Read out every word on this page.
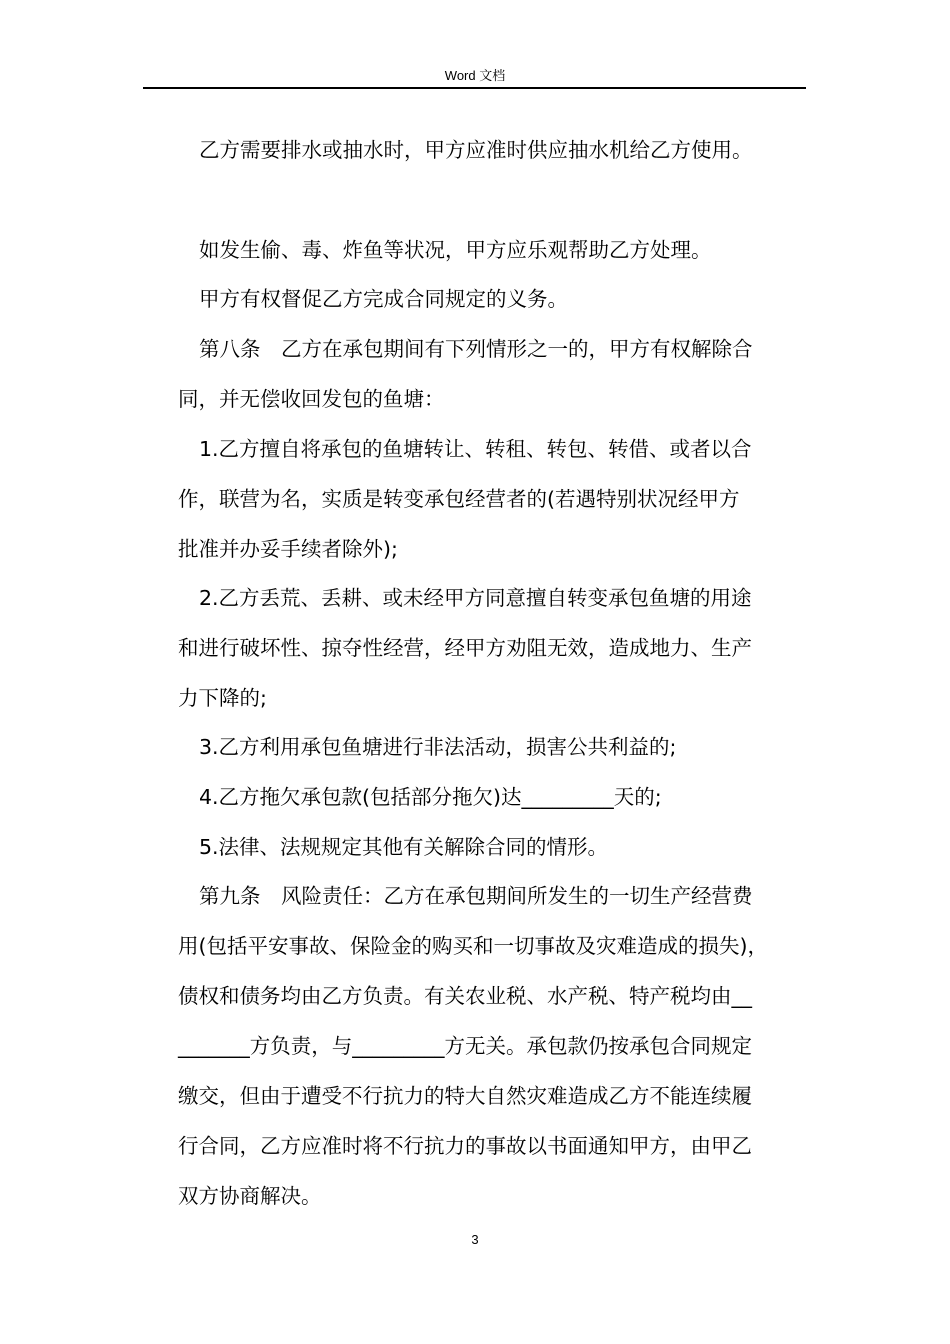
Word 文档
乙方需要排水或抽水时，甲方应准时供应抽水机给乙方使用。
如发生偷、毒、炸鱼等状况，甲方应乐观帮助乙方处理。
甲方有权督促乙方完成合同规定的义务。
第八条　乙方在承包期间有下列情形之一的，甲方有权解除合
同，并无偿收回发包的鱼塘：
1.乙方擅自将承包的鱼塘转让、转租、转包、转借、或者以合
作，联营为名，实质是转变承包经营者的(若遇特别状况经甲方
批准并办妥手续者除外);
2.乙方丢荒、丢耕、或未经甲方同意擅自转变承包鱼塘的用途
和进行破坏性、掠夺性经营，经甲方劝阻无效，造成地力、生产
力下降的;
3.乙方利用承包鱼塘进行非法活动，损害公共利益的;
4.乙方拖欠承包款(包括部分拖欠)达_________天的;
5.法律、法规规定其他有关解除合同的情形。
第九条　风险责任：乙方在承包期间所发生的一切生产经营费
用(包括平安事故、保险金的购买和一切事故及灾难造成的损失)，
债权和债务均由乙方负责。有关农业税、水产税、特产税均由__
_______方负责，与_________方无关。承包款仍按承包合同规定
缴交，但由于遭受不行抗力的特大自然灾难造成乙方不能连续履
行合同，乙方应准时将不行抗力的事故以书面通知甲方，由甲乙
双方协商解决。
3
